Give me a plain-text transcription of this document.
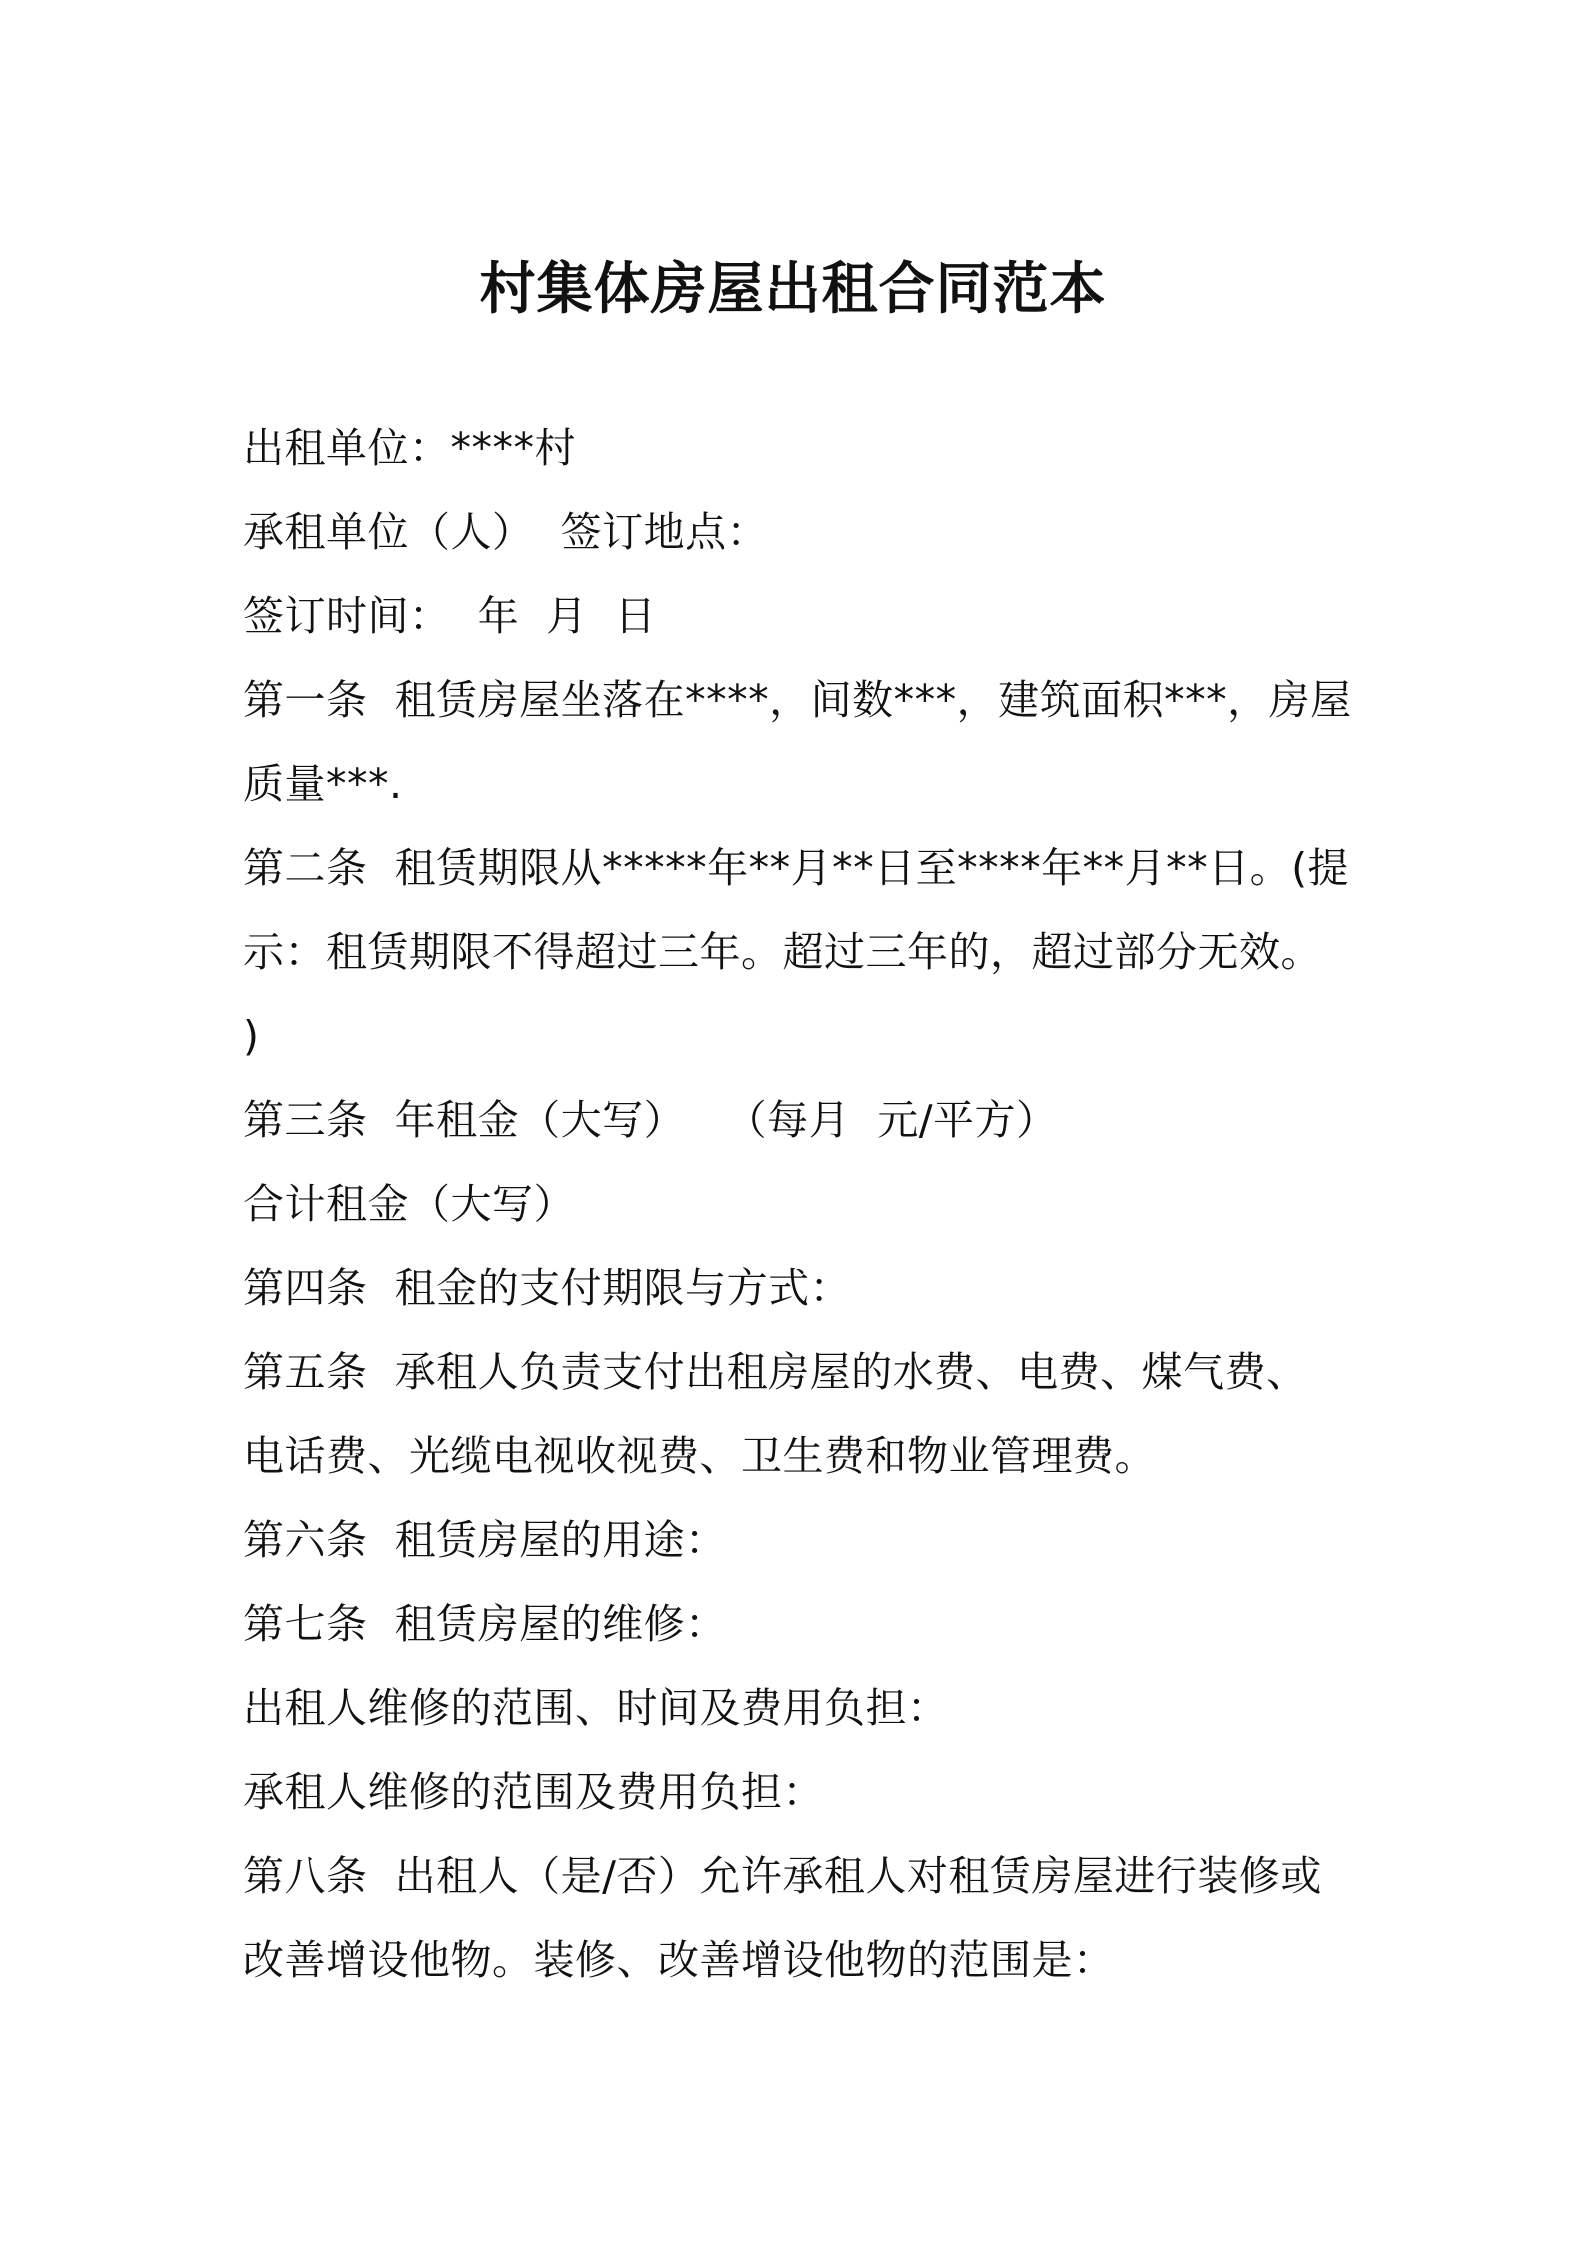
村集体房屋出租合同范本
出租单位：****村
承租单位（人）  签订地点：
签订时间：  年  月  日
第一条  租赁房屋坐落在****，间数***，建筑面积***，房屋
质量***.
第二条  租赁期限从*****年**月**日至****年**月**日。(提
示：租赁期限不得超过三年。超过三年的，超过部分无效。
)
第三条  年租金（大写）   （每月  元/平方）
合计租金（大写）
第四条  租金的支付期限与方式：
第五条  承租人负责支付出租房屋的水费、电费、煤气费、
电话费、光缆电视收视费、卫生费和物业管理费。
第六条  租赁房屋的用途：
第七条  租赁房屋的维修：
出租人维修的范围、时间及费用负担：
承租人维修的范围及费用负担：
第八条  出租人（是/否）允许承租人对租赁房屋进行装修或
改善增设他物。装修、改善增设他物的范围是：
